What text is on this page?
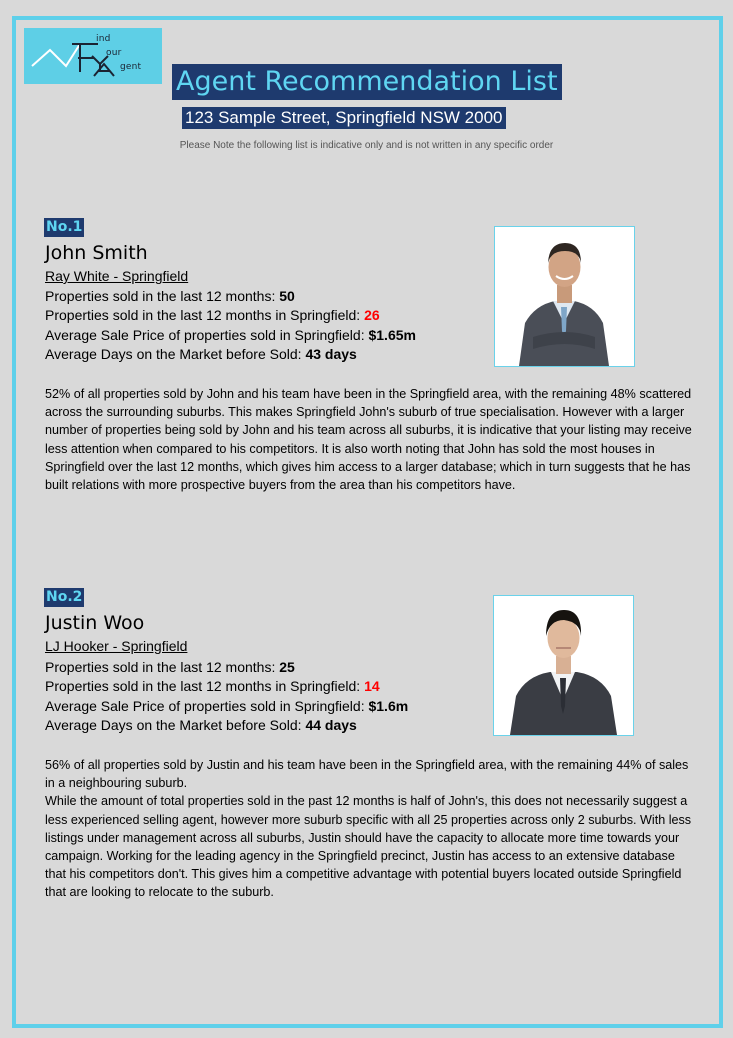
ind
our
gent Agent Recommendation List
123 Sample Street, Springfield NSW 2000
Please Note the following list is indicative only and is not written in any specific order
No.1
John Smith
Ray White - Springfield
Properties sold in the last 12 months: 50
Properties sold in the last 12 months in Springfield: 26
Average Sale Price of properties sold in Springfield: $1.65m
Average Days on the Market before Sold: 43 days

52% of all properties sold by John and his team have been in the Springfield area, with the remaining 48% scattered across the surrounding suburbs. This makes Springfield John's suburb of true specialisation. However with a larger number of properties being sold by John and his team across all suburbs, it is indicative that your listing may receive less attention when compared to his competitors. It is also worth noting that John has sold the most houses in Springfield over the last 12 months, which gives him access to a larger database; which in turn suggests that he has built relations with more prospective buyers from the area than his competitors have.

No.2
Justin Woo
LJ Hooker - Springfield
Properties sold in the last 12 months: 25
Properties sold in the last 12 months in Springfield: 14
Average Sale Price of properties sold in Springfield: $1.6m
Average Days on the Market before Sold: 44 days

56% of all properties sold by Justin and his team have been in the Springfield area, with the remaining 44% of sales in a neighbouring suburb.

While the amount of total properties sold in the past 12 months is half of John's, this does not necessarily suggest a less experienced selling agent, however more suburb specific with all 25 properties across only 2 suburbs. With less listings under management across all suburbs, Justin should have the capacity to allocate more time towards your campaign. Working for the leading agency in the Springfield precinct, Justin has access to an extensive database that his competitors don't. This gives him a competitive advantage with potential buyers located outside Springfield that are looking to relocate to the suburb.
